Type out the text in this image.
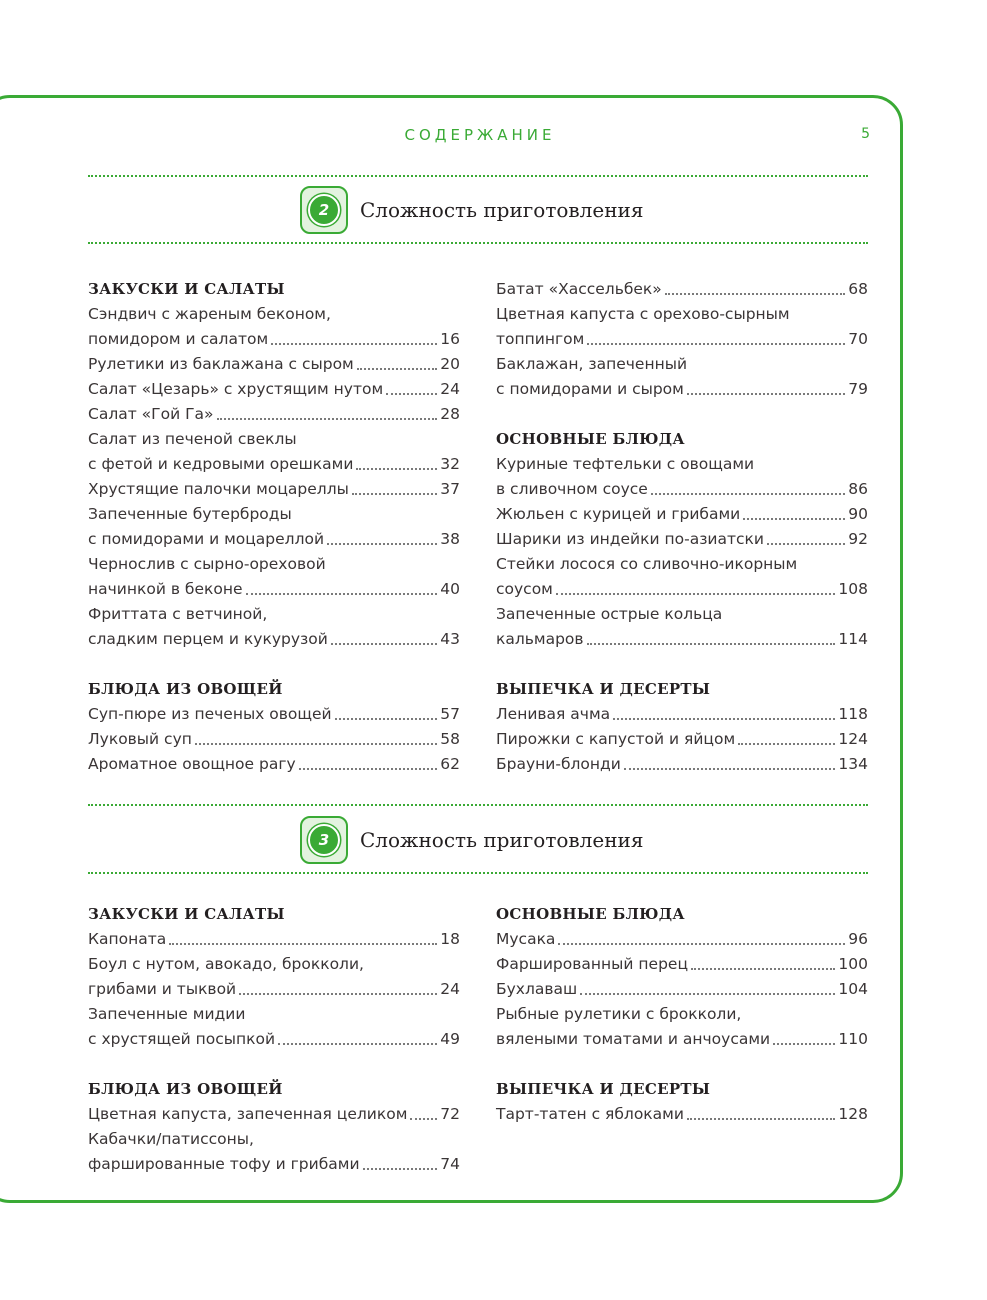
СОДЕРЖАНИЕ	5
2	Сложность приготовления
ЗАКУСКИ И САЛАТЫ
Сэндвич с жареным беконом,
помидором и салатом	16
Рулетики из баклажана с сыром	20
Салат «Цезарь» с хрустящим нутом	24
Салат «Гой Га»	28
Салат из печеной свеклы
с фетой и кедровыми орешками	32
Хрустящие палочки моцареллы	37
Запеченные бутерброды
с помидорами и моцареллой	38
Чернослив с сырно-ореховой
начинкой в беконе	40
Фриттата с ветчиной,
сладким перцем и кукурузой	43
БЛЮДА ИЗ ОВОЩЕЙ
Суп-пюре из печеных овощей	57
Луковый суп	58
Ароматное овощное рагу	62
Батат «Хассельбек»	68
Цветная капуста с орехово-сырным
топпингом	70
Баклажан, запеченный
с помидорами и сыром	79
ОСНОВНЫЕ БЛЮДА
Куриные тефтельки с овощами
в сливочном соусе	86
Жюльен с курицей и грибами	90
Шарики из индейки по-азиатски	92
Стейки лосося со сливочно-икорным
соусом	108
Запеченные острые кольца
кальмаров	114
ВЫПЕЧКА И ДЕСЕРТЫ
Ленивая ачма	118
Пирожки с капустой и яйцом	124
Брауни-блонди	134
3	Сложность приготовления
ЗАКУСКИ И САЛАТЫ
Капоната	18
Боул с нутом, авокадо, брокколи,
грибами и тыквой	24
Запеченные мидии
с хрустящей посыпкой	49
БЛЮДА ИЗ ОВОЩЕЙ
Цветная капуста, запеченная целиком 72
Кабачки/патиссоны,
фаршированные тофу и грибами	74
ОСНОВНЫЕ БЛЮДА
Мусака	96
Фаршированный перец	100
Бухлаваш	104
Рыбные рулетики с брокколи,
вялеными томатами и анчоусами	110
ВЫПЕЧКА И ДЕСЕРТЫ
Тарт-татен с яблоками	128
